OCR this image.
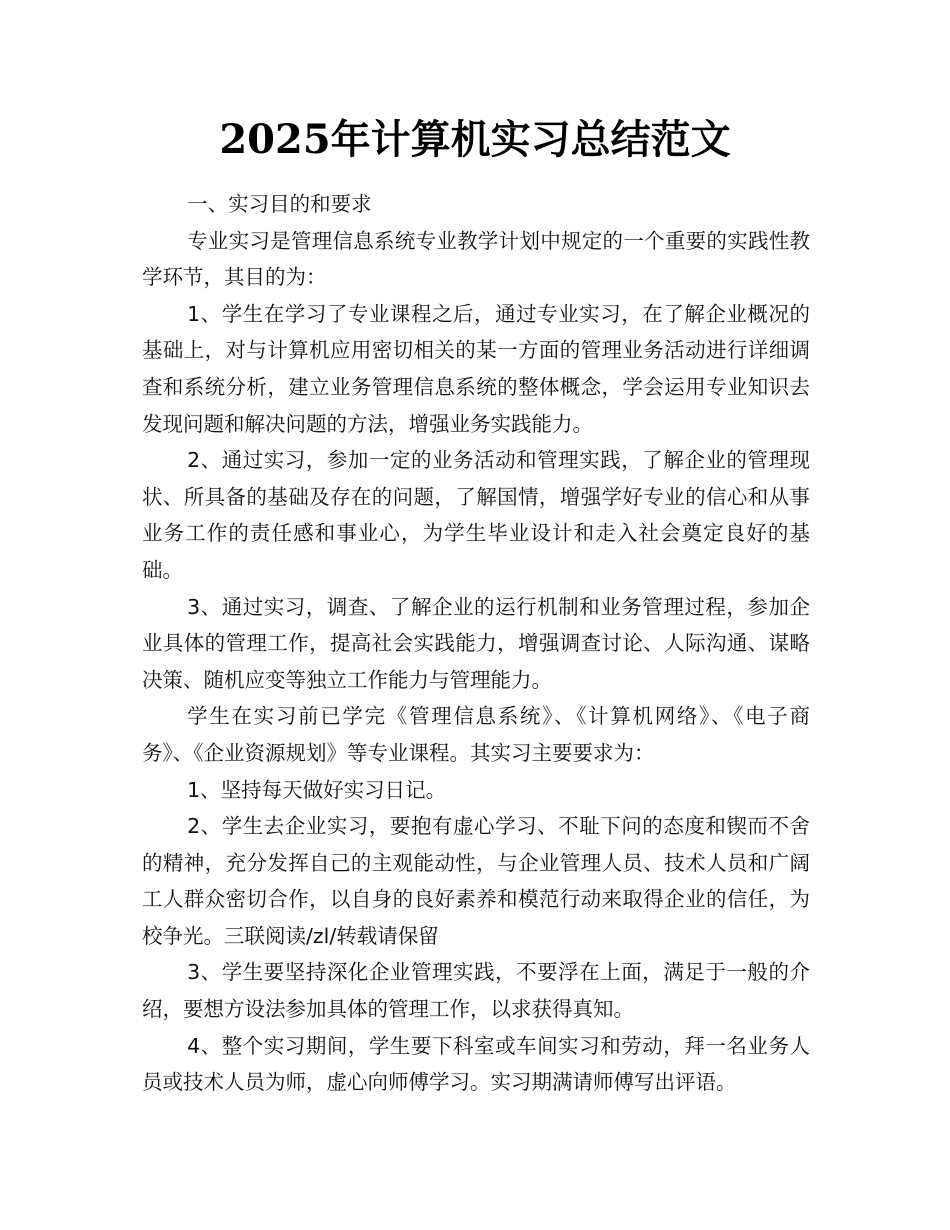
2025年计算机实习总结范文

一、实习目的和要求

专业实习是管理信息系统专业教学计划中规定的一个重要的实践性教学环节，其目的为：

1、学生在学习了专业课程之后，通过专业实习，在了解企业概况的基础上，对与计算机应用密切相关的某一方面的管理业务活动进行详细调查和系统分析，建立业务管理信息系统的整体概念，学会运用专业知识去发现问题和解决问题的方法，增强业务实践能力。

2、通过实习，参加一定的业务活动和管理实践，了解企业的管理现状、所具备的基础及存在的问题，了解国情，增强学好专业的信心和从事业务工作的责任感和事业心，为学生毕业设计和走入社会奠定良好的基础。

3、通过实习，调查、了解企业的运行机制和业务管理过程，参加企业具体的管理工作，提高社会实践能力，增强调查讨论、人际沟通、谋略决策、随机应变等独立工作能力与管理能力。

学生在实习前已学完《管理信息系统》、《计算机网络》、《电子商务》、《企业资源规划》等专业课程。其实习主要要求为：

1、坚持每天做好实习日记。

2、学生去企业实习，要抱有虚心学习、不耻下问的态度和锲而不舍的精神，充分发挥自己的主观能动性，与企业管理人员、技术人员和广阔工人群众密切合作，以自身的良好素养和模范行动来取得企业的信任，为校争光。三联阅读/zl/转载请保留

3、学生要坚持深化企业管理实践，不要浮在上面，满足于一般的介绍，要想方设法参加具体的管理工作，以求获得真知。

4、整个实习期间，学生要下科室或车间实习和劳动，拜一名业务人员或技术人员为师，虚心向师傅学习。实习期满请师傅写出评语。
